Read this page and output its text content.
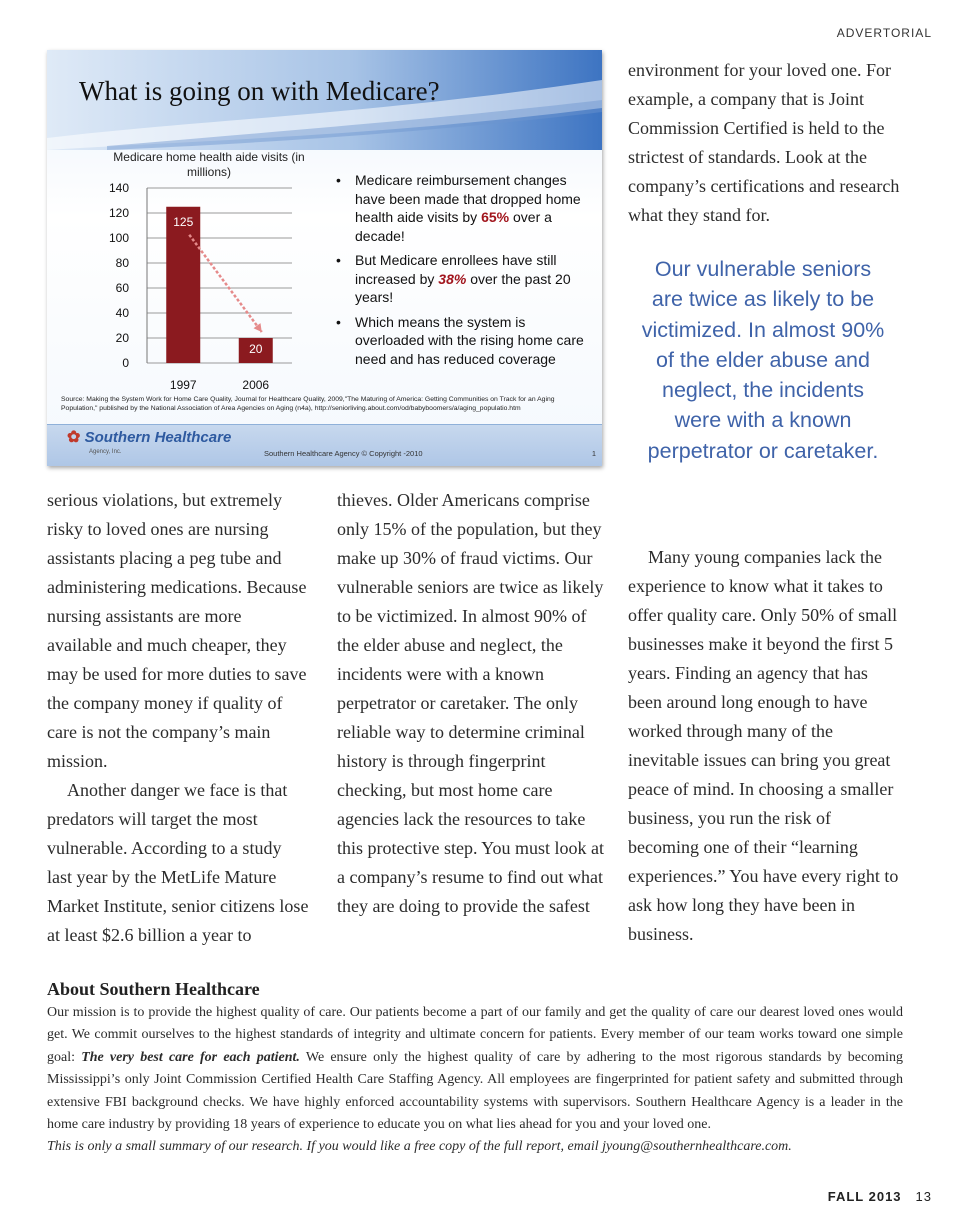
ADVERTORIAL
What is going on with Medicare?
Medicare home health aide visits (in millions)
0
20
40
60
80
100
120
140
125
1997
20
2006
• Medicare reimbursement changes have been made that dropped home health aide visits by 65% over a decade!
• But Medicare enrollees have still increased by 38% over the past 20 years!
• Which means the system is overloaded with the rising home care need and has reduced coverage
Source: Making the System Work for Home Care Quality, Journal for Healthcare Quality, 2009,"The Maturing of America: Getting Communities on Track for an Aging Population," published by the National Association of Area Agencies on Aging (n4a), http://seniorliving.about.com/od/babyboomers/a/aging_populatio.htm
✿ Southern Healthcare
Agency, Inc.	Southern Healthcare Agency © Copyright -2010	1

environment for your loved one. For example, a company that is Joint Commission Certified is held to the strictest of standards. Look at the company’s certifications and research what they stand for.

Our vulnerable seniors are twice as likely to be victimized. In almost 90% of the elder abuse and neglect, the incidents were with a known perpetrator or caretaker.

serious violations, but extremely risky to loved ones are nursing assistants placing a peg tube and administering medications. Because nursing assistants are more available and much cheaper, they may be used for more duties to save the company money if quality of care is not the company’s main mission.

Another danger we face is that predators will target the most vulnerable. According to a study last year by the MetLife Mature Market Institute, senior citizens lose at least $2.6 billion a year to

thieves. Older Americans comprise only 15% of the population, but they make up 30% of fraud victims. Our vulnerable seniors are twice as likely to be victimized. In almost 90% of the elder abuse and neglect, the incidents were with a known perpetrator or caretaker. The only reliable way to determine criminal history is through fingerprint checking, but most home care agencies lack the resources to take this protective step. You must look at a company’s resume to find out what they are doing to provide the safest

Many young companies lack the experience to know what it takes to offer quality care. Only 50% of small businesses make it beyond the first 5 years. Finding an agency that has been around long enough to have worked through many of the inevitable issues can bring you great peace of mind. In choosing a smaller business, you run the risk of becoming one of their “learning experiences.” You have every right to ask how long they have been in business.

About Southern Healthcare

Our mission is to provide the highest quality of care. Our patients become a part of our family and get the quality of care our dearest loved ones would get. We commit ourselves to the highest standards of integrity and ultimate concern for patients. Every member of our team works toward one simple goal: The very best care for each patient. We ensure only the highest quality of care by adhering to the most rigorous standards by becoming Mississippi’s only Joint Commission Certified Health Care Staffing Agency. All employees are fingerprinted for patient safety and submitted through extensive FBI background checks. We have highly enforced accountability systems with supervisors. Southern Healthcare Agency is a leader in the home care industry by providing 18 years of experience to educate you on what lies ahead for you and your loved one.

This is only a small summary of our research. If you would like a free copy of the full report, email jyoung@southernhealthcare.com.

FALL 2013 13
